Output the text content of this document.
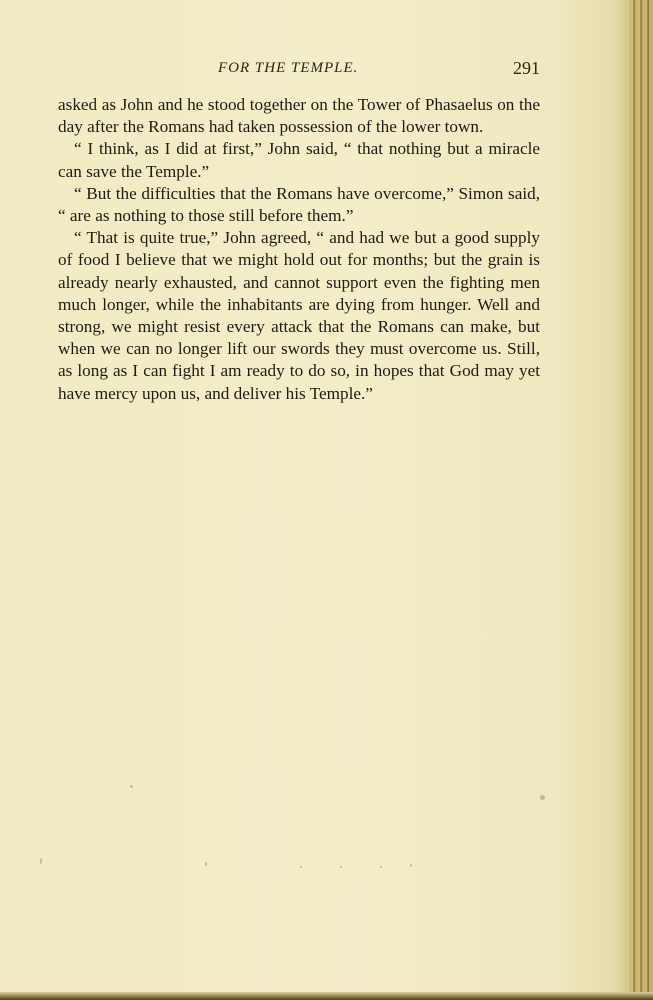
FOR THE TEMPLE.	291

asked as John and he stood together on the Tower of Phasaelus on the day after the Romans had taken possession of the lower town.

“ I think, as I did at first,” John said, “ that nothing but a miracle can save the Temple.”

“ But the difficulties that the Romans have overcome,” Simon said, “ are as nothing to those still before them.”

“ That is quite true,” John agreed, “ and had we but a good supply of food I believe that we might hold out for months; but the grain is already nearly exhausted, and cannot support even the fighting men much longer, while the inhabitants are dying from hunger. Well and strong, we might resist every attack that the Romans can make, but when we can no longer lift our swords they must overcome us. Still, as long as I can fight I am ready to do so, in hopes that God may yet have mercy upon us, and deliver his Temple.”
